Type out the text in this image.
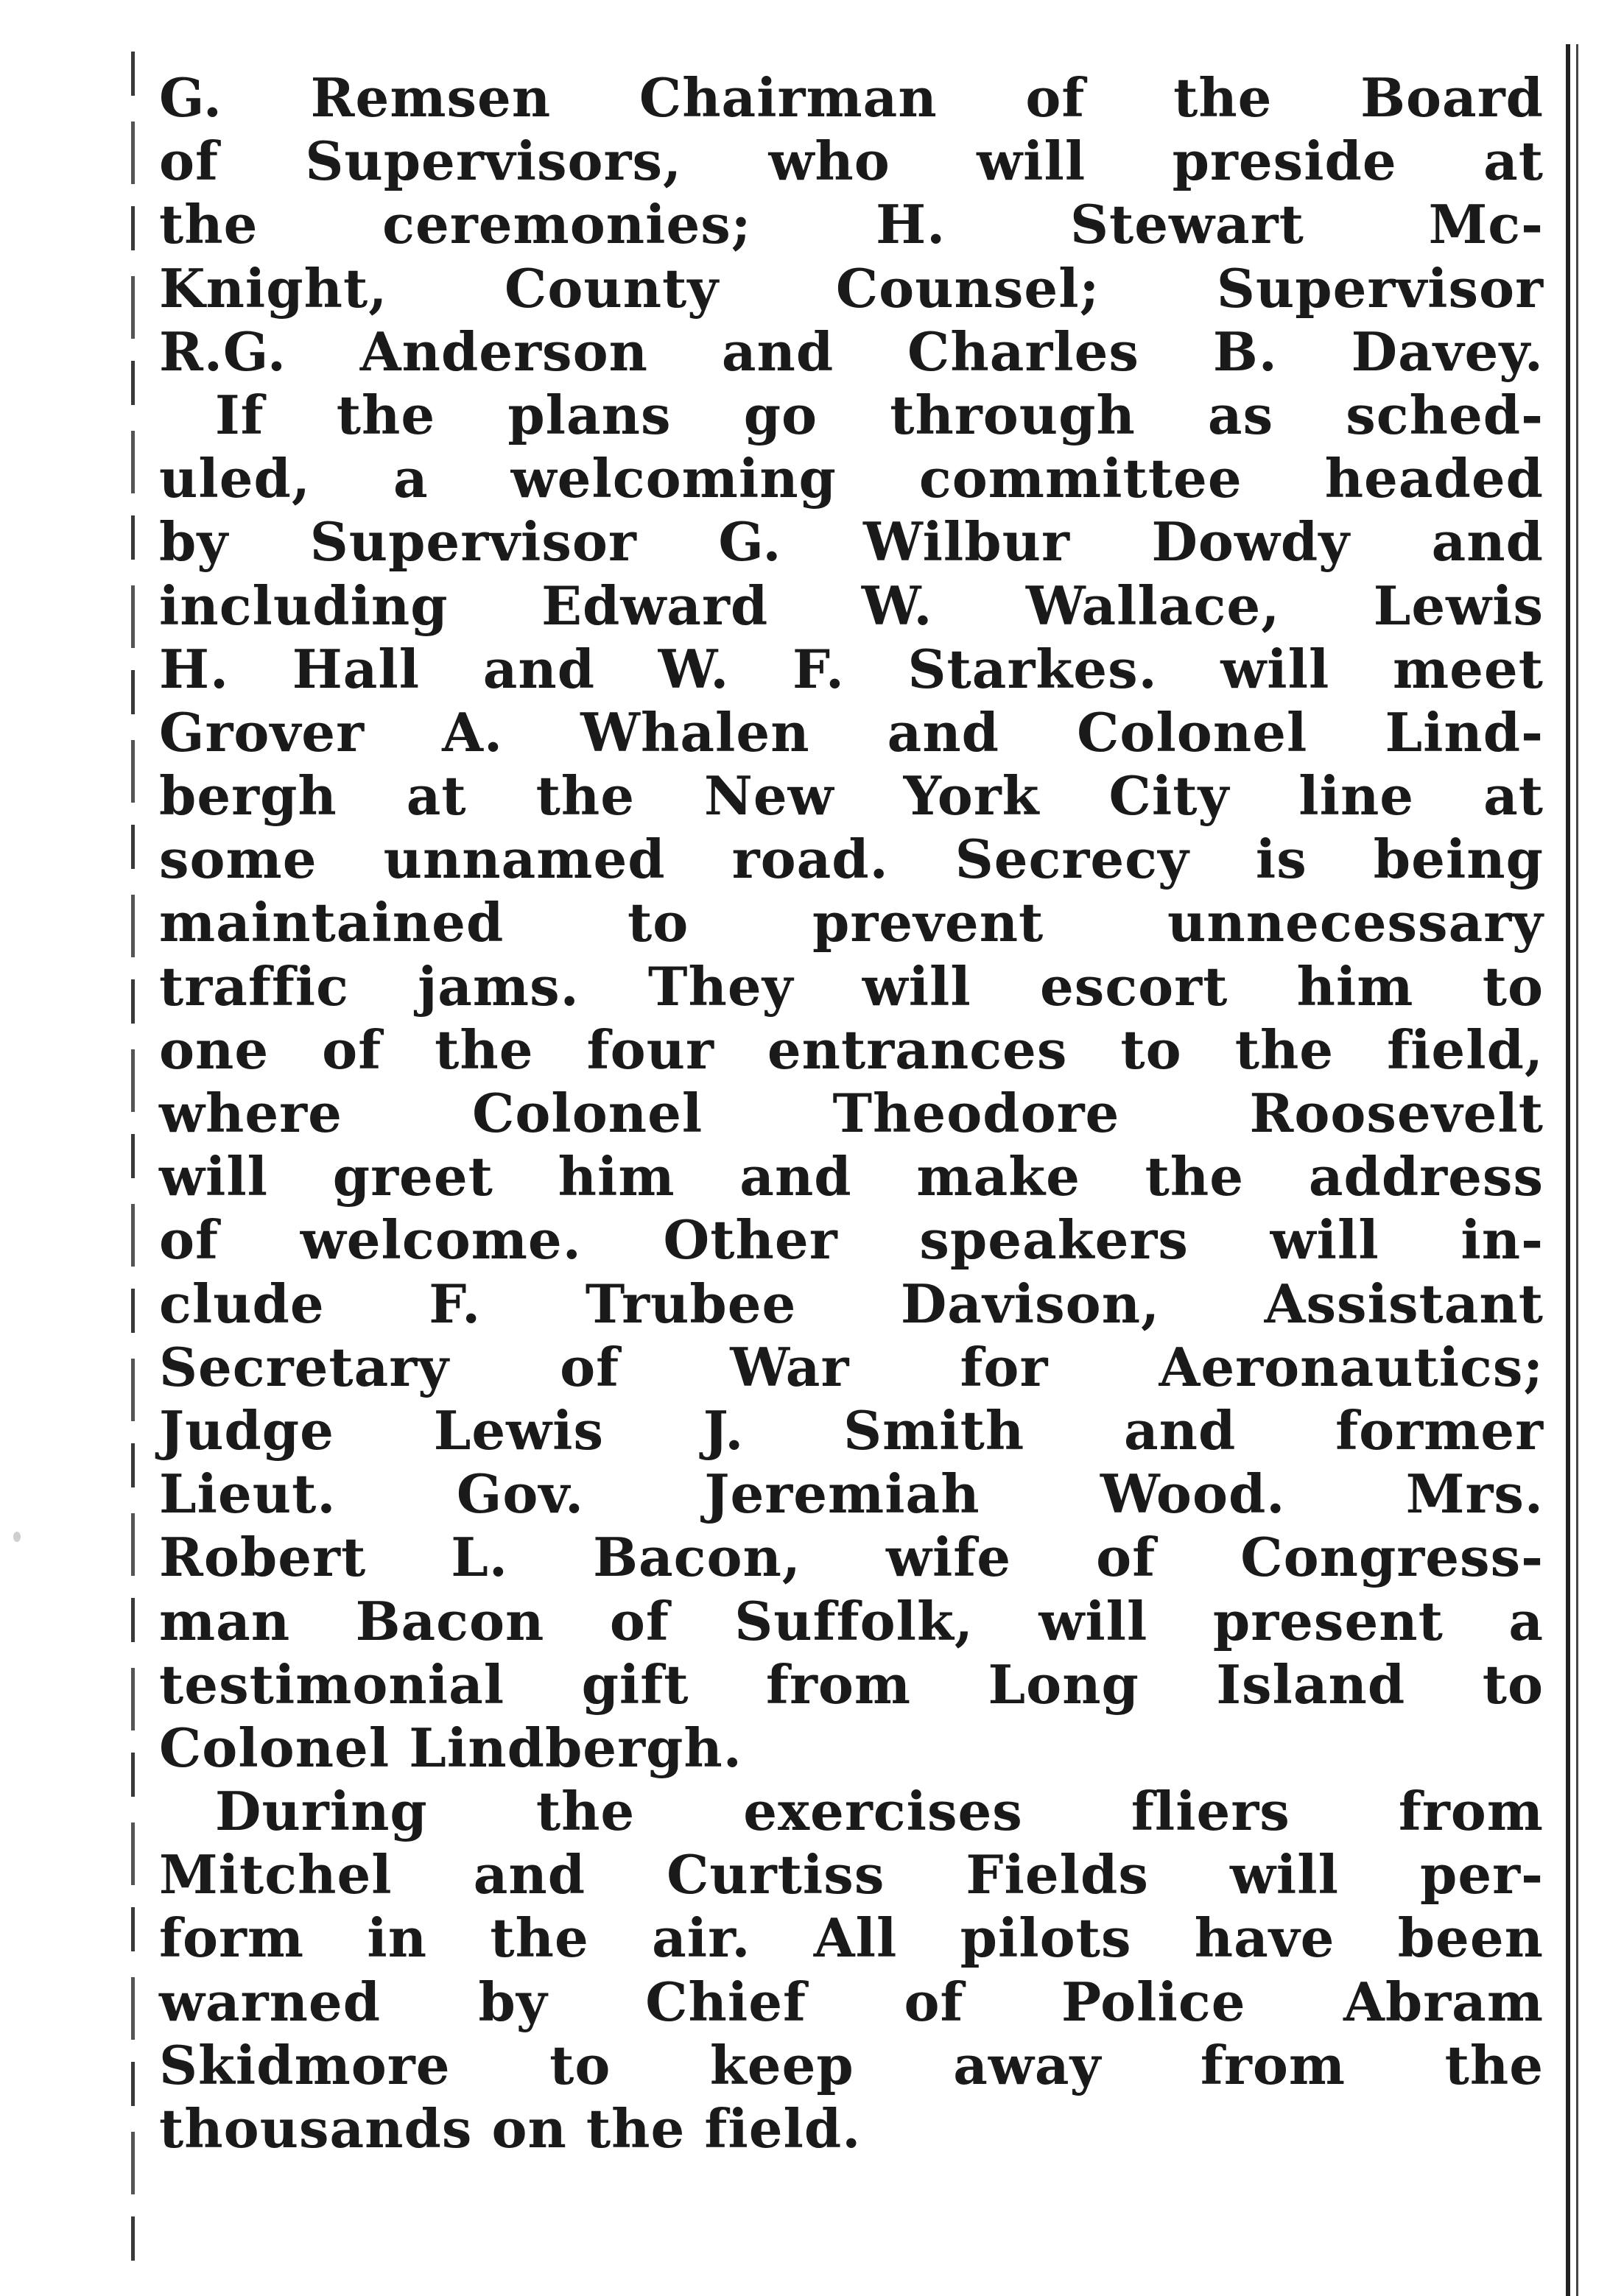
G. Remsen Chairman of the Board
of Supervisors, who will preside at
the ceremonies; H. Stewart Mc-
Knight, County Counsel; Supervisor
R.G. Anderson and Charles B. Davey.
If the plans go through as sched-
uled, a welcoming committee headed
by Supervisor G. Wilbur Dowdy and
including Edward W. Wallace, Lewis
H. Hall and W. F. Starkes. will meet
Grover A. Whalen and Colonel Lind-
bergh at the New York City line at
some unnamed road. Secrecy is being
maintained to prevent unnecessary
traffic jams. They will escort him to
one of the four entrances to the field,
where Colonel Theodore Roosevelt
will greet him and make the address
of welcome. Other speakers will in-
clude F. Trubee Davison, Assistant
Secretary of War for Aeronautics;
Judge Lewis J. Smith and former
Lieut. Gov. Jeremiah Wood. Mrs.
Robert L. Bacon, wife of Congress-
man Bacon of Suffolk, will present a
testimonial gift from Long Island to
Colonel Lindbergh.
During the exercises fliers from
Mitchel and Curtiss Fields will per-
form in the air. All pilots have been
warned by Chief of Police Abram
Skidmore to keep away from the
thousands on the field.
